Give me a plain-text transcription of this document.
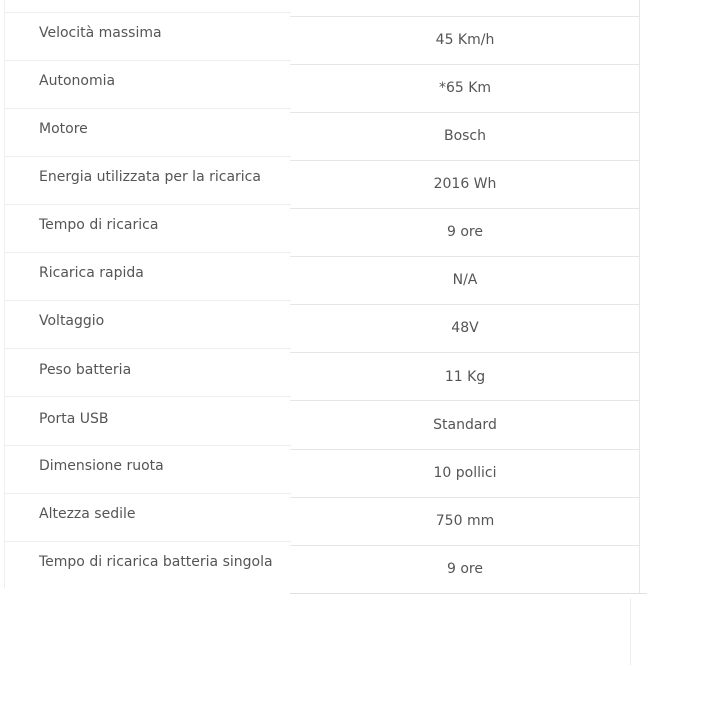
Velocità massima
Autonomia
Motore
Energia utilizzata per la ricarica
Tempo di ricarica
Ricarica rapida
Voltaggio
Peso batteria
Porta USB
Dimensione ruota
Altezza sedile
Tempo di ricarica batteria singola
45 Km/h
*65 Km
Bosch
2016 Wh
9 ore
N/A
48V
11 Kg
Standard
10 pollici
750 mm
9 ore
